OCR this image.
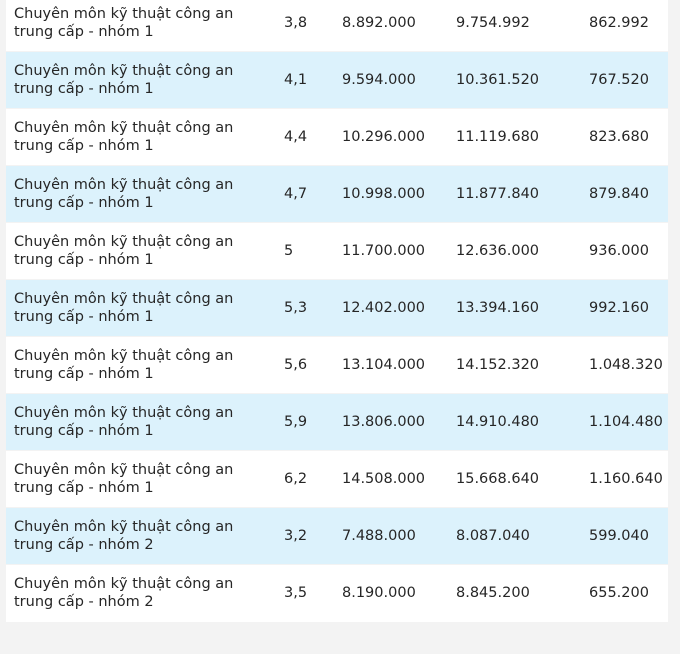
Chuyên môn kỹ thuật công an trung cấp - nhóm 1	3,8	8.892.000	9.754.992	862.992
Chuyên môn kỹ thuật công an trung cấp - nhóm 1	4,1	9.594.000	10.361.520	767.520
Chuyên môn kỹ thuật công an trung cấp - nhóm 1	4,4	10.296.000	11.119.680	823.680
Chuyên môn kỹ thuật công an trung cấp - nhóm 1	4,7	10.998.000	11.877.840	879.840
Chuyên môn kỹ thuật công an trung cấp - nhóm 1	5	11.700.000	12.636.000	936.000
Chuyên môn kỹ thuật công an trung cấp - nhóm 1	5,3	12.402.000	13.394.160	992.160
Chuyên môn kỹ thuật công an trung cấp - nhóm 1	5,6	13.104.000	14.152.320	1.048.320
Chuyên môn kỹ thuật công an trung cấp - nhóm 1	5,9	13.806.000	14.910.480	1.104.480
Chuyên môn kỹ thuật công an trung cấp - nhóm 1	6,2	14.508.000	15.668.640	1.160.640
Chuyên môn kỹ thuật công an trung cấp - nhóm 2	3,2	7.488.000	8.087.040	599.040
Chuyên môn kỹ thuật công an trung cấp - nhóm 2	3,5	8.190.000	8.845.200	655.200
